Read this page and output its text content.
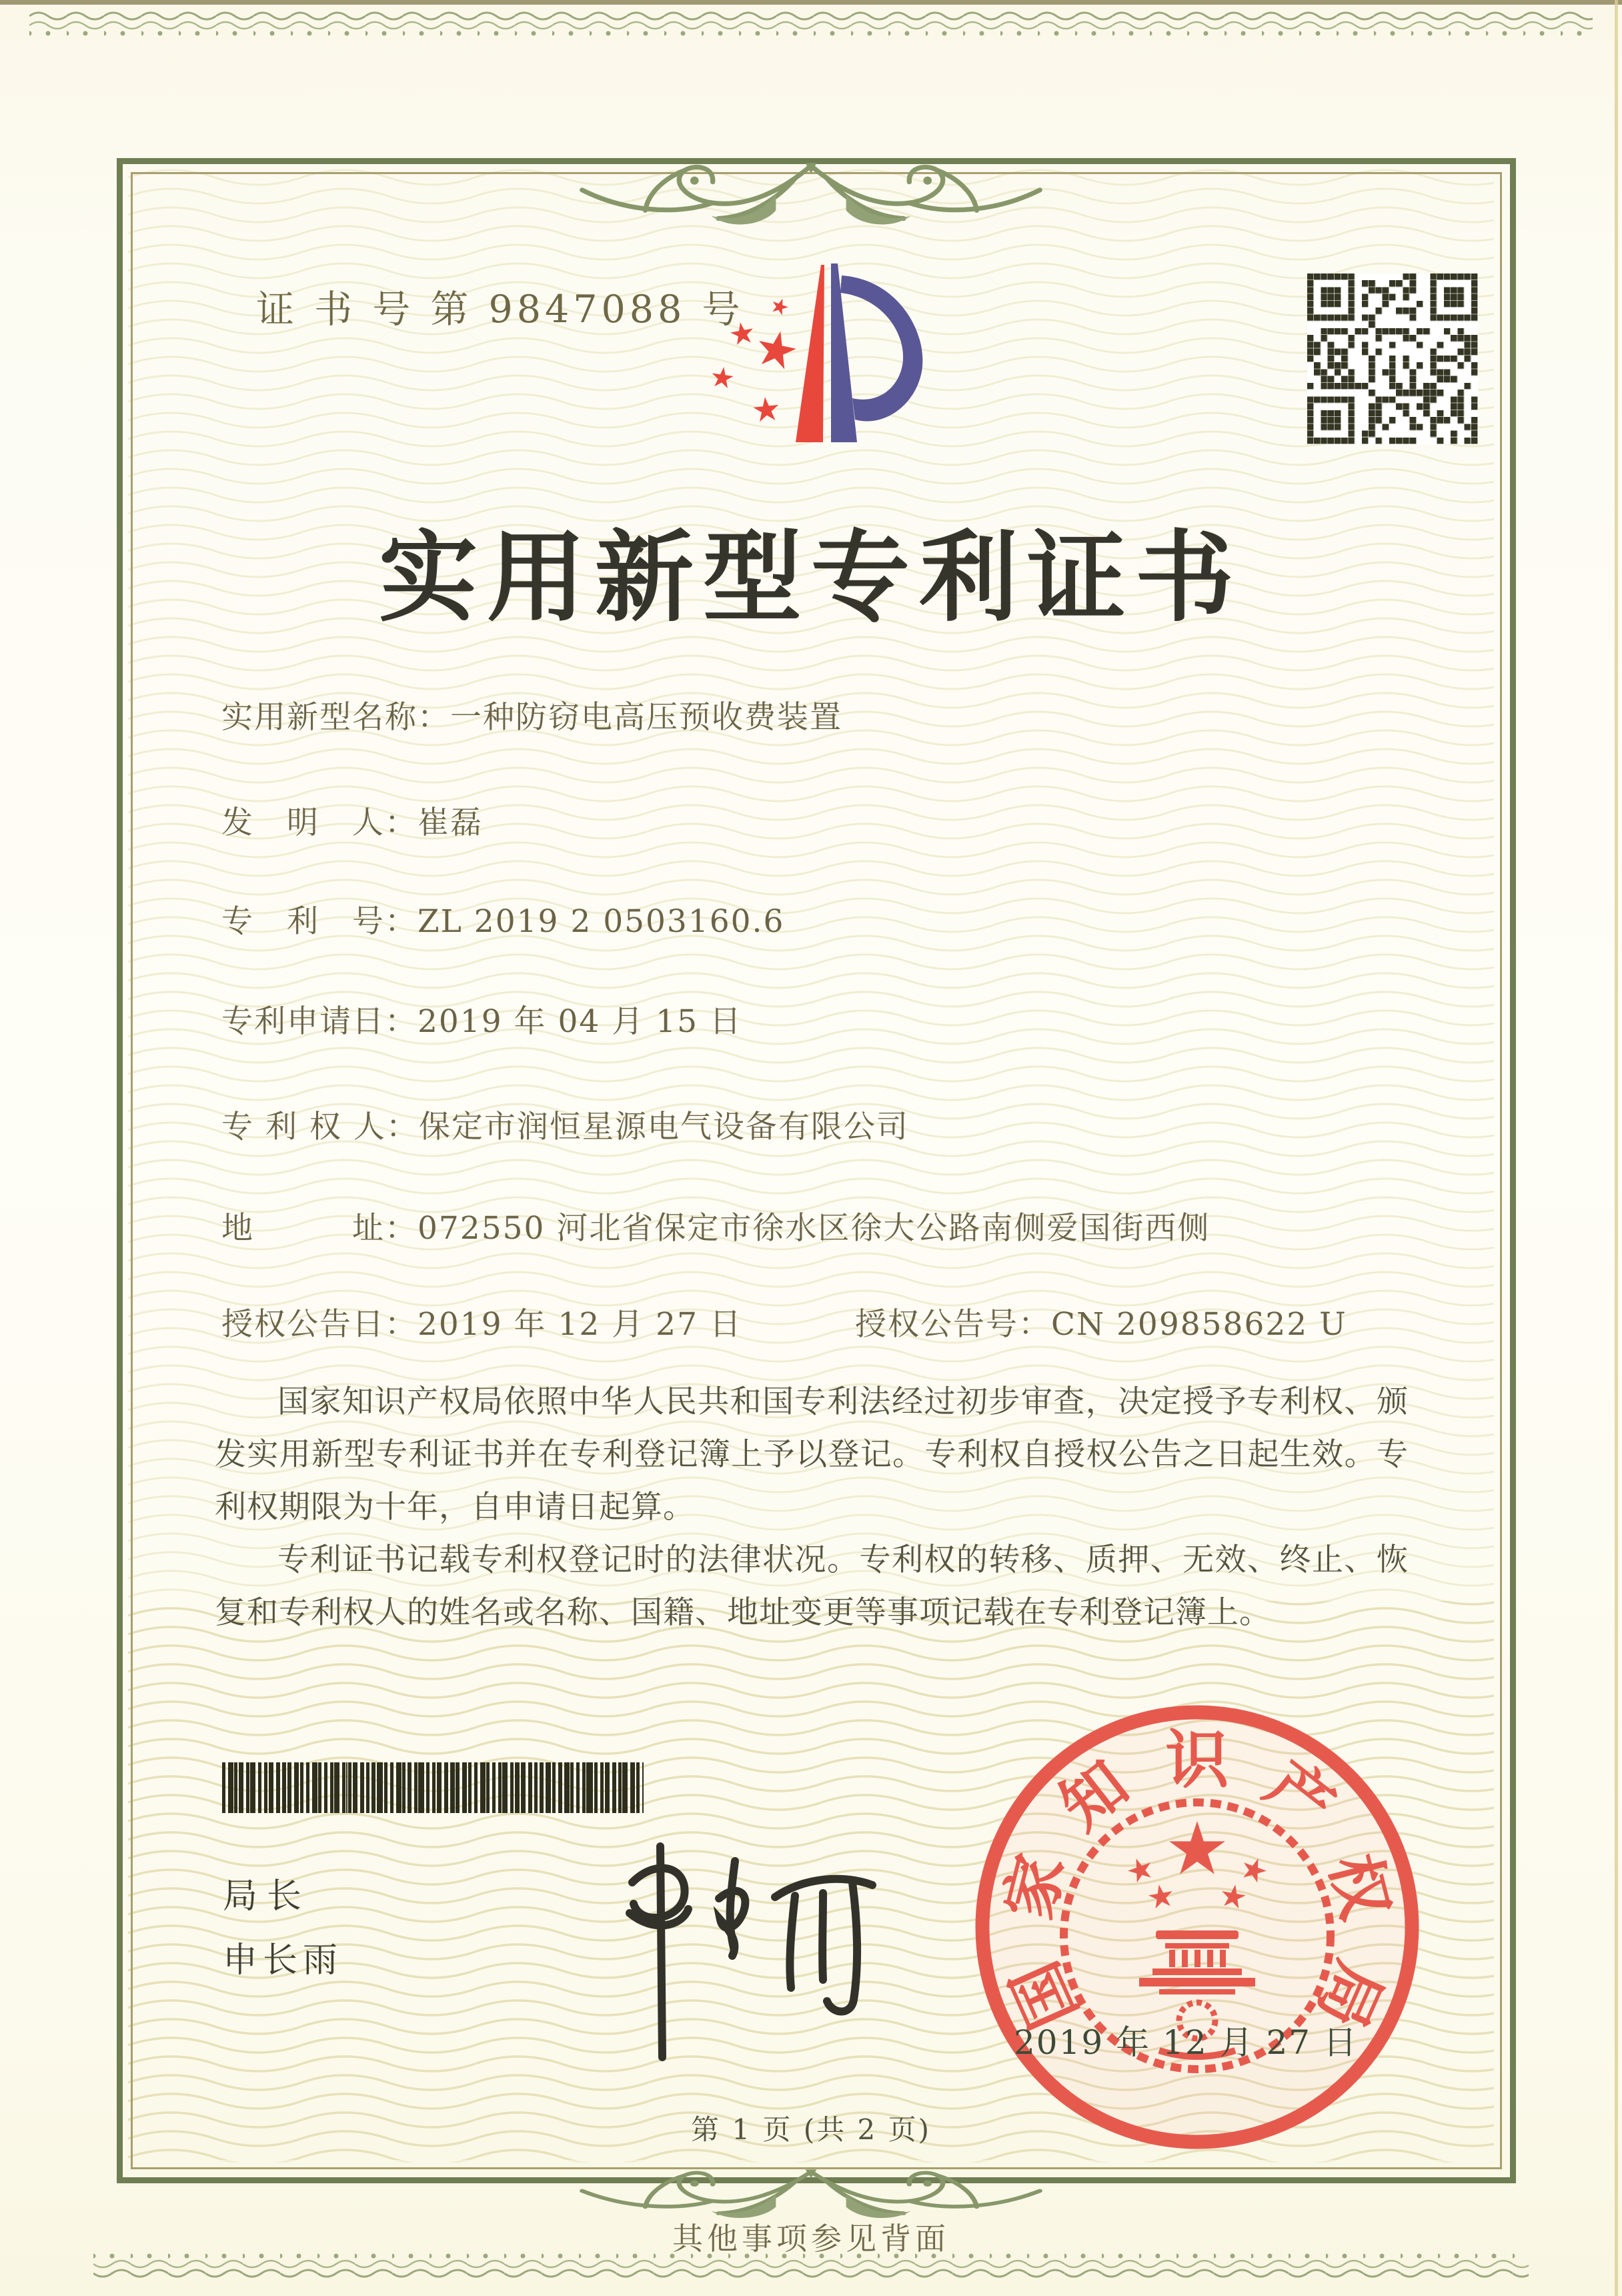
证 书 号 第 9847088 号
实用新型专利证书
实用新型名称：一种防窃电高压预收费装置
发　明　人：崔磊
专　利　号：ZL 2019 2 0503160.6
专利申请日：2019 年 04 月 15 日
专 利 权 人：保定市润恒星源电气设备有限公司
地　　　址：072550 河北省保定市徐水区徐大公路南侧爱国街西侧
授权公告日：2019 年 12 月 27 日	授权公告号：CN 209858622 U

国家知识产权局依照中华人民共和国专利法经过初步审查，决定授予专利权、颁发实用新型专利证书并在专利登记簿上予以登记。专利权自授权公告之日起生效。专利权期限为十年，自申请日起算。

专利证书记载专利权登记时的法律状况。专利权的转移、质押、无效、终止、恢复和专利权人的姓名或名称、国籍、地址变更等事项记载在专利登记簿上。

局长
申长雨	国
家
知 识 产
权
局
2019 年 12 月 27 日
第 1 页 (共 2 页)
其他事项参见背面
